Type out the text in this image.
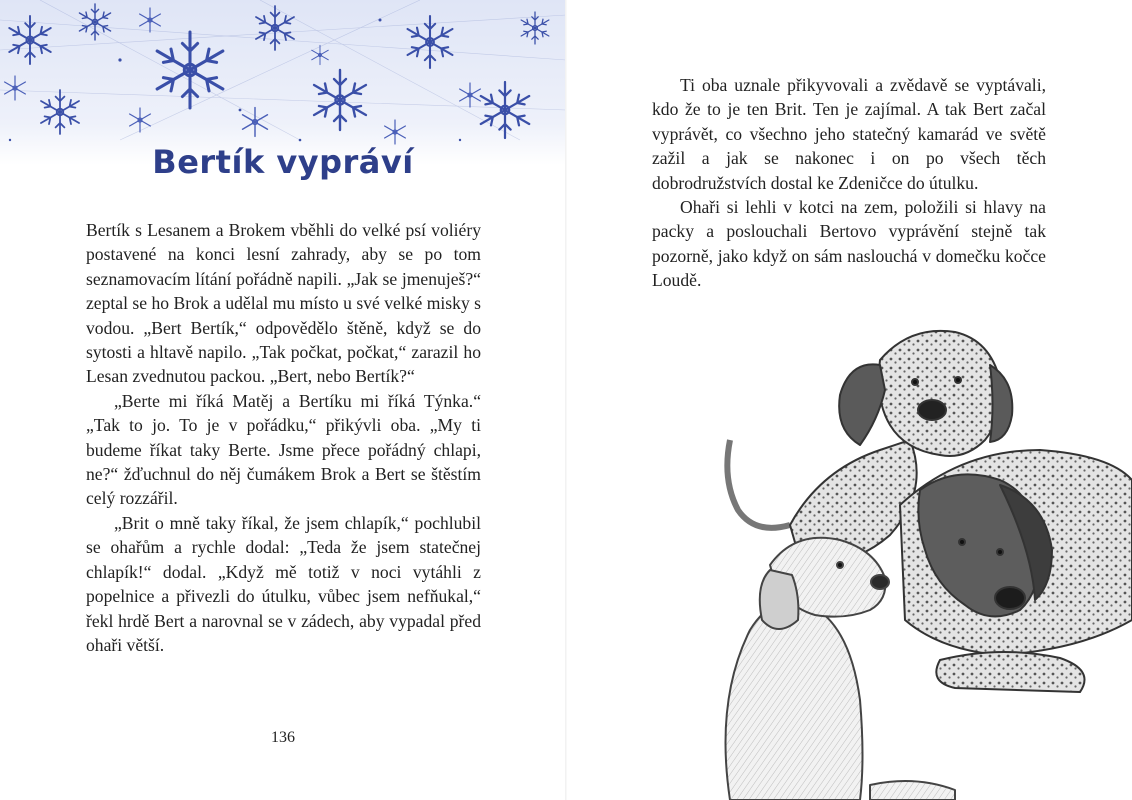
Bertík vypráví

Bertík s Lesanem a Brokem vběhli do velké psí voliéry postavené na konci lesní zahrady, aby se po tom seznamovacím lítání pořádně napili. „Jak se jmenuješ?“ zeptal se ho Brok a udělal mu místo u své velké misky s vodou. „Bert Bertík,“ odpovědělo štěně, když se do sytosti a hltavě napilo. „Tak počkat, počkat,“ zarazil ho Lesan zvednutou packou. „Bert, nebo Bertík?“

„Berte mi říká Matěj a Bertíku mi říká Týnka.“ „Tak to jo. To je v pořádku,“ přikývli oba. „My ti budeme říkat taky Berte. Jsme přece pořádný chlapi, ne?“ žďuchnul do něj čumákem Brok a Bert se štěstím celý rozzářil.

„Brit o mně taky říkal, že jsem chlapík,“ pochlubil se ohařům a rychle dodal: „Teda že jsem statečnej chlapík!“ dodal. „Když mě totiž v noci vytáhli z popelnice a přivezli do útulku, vůbec jsem nefňukal,“ řekl hrdě Bert a narovnal se v zádech, aby vypadal před ohaři větší.

136

Ti oba uznale přikyvovali a zvědavě se vyptávali, kdo že to je ten Brit. Ten je zajímal. A tak Bert začal vyprávět, co všechno jeho statečný kamarád ve světě zažil a jak se nakonec i on po všech těch dobrodružstvích dostal ke Zdeničce do útulku.

Ohaři si lehli v kotci na zem, položili si hlavy na packy a poslouchali Bertovo vyprávění stejně tak pozorně, jako když on sám naslouchá v domečku kočce Loudě.
